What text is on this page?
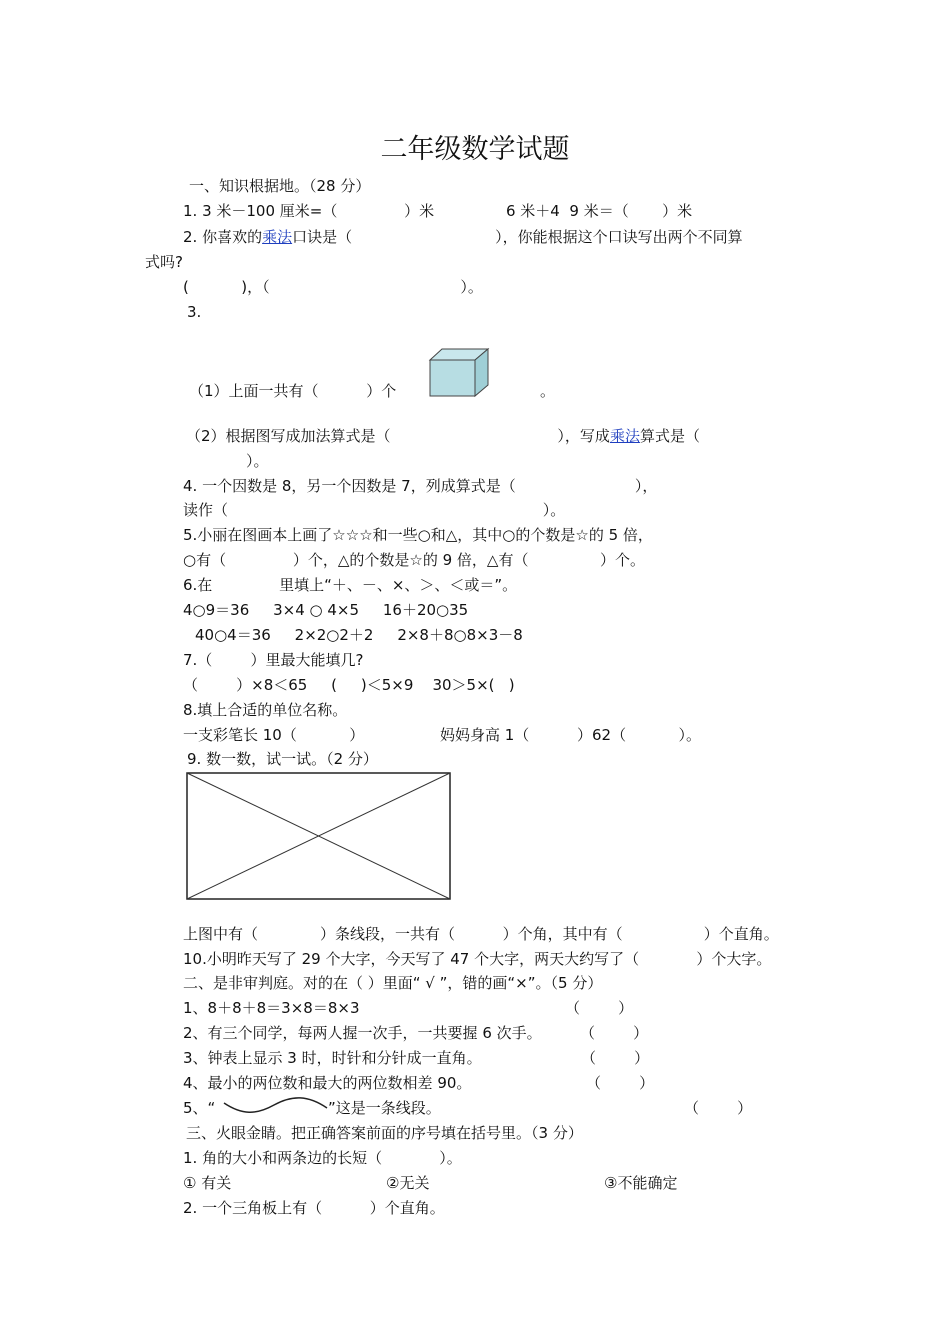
二年级数学试题
一、知识根据地。（28 分）
1. 3 米－100 厘米=（              ）米	6 米＋4  9 米＝（       ）米
2. 你喜欢的乘法口诀是（                              ），你能根据这个口诀写出两个不同算
式吗?
(           )，（                                        ）。
3.
（1）上面一共有（          ）个	。
（2）根据图写成加法算式是（                                   ），写成乘法算式是（
）。
4. 一个因数是 8，另一个因数是 7，列成算式是（                         ），
读作（                                                                  ）。
5.小丽在图画本上画了☆☆☆和一些○和△，其中○的个数是☆的 5 倍，
○有（              ）个，△的个数是☆的 9 倍，△有（               ）个。
6.在              里填上“＋、－、×、＞、＜或＝”。
4○9＝36     3×4 ○ 4×5     16＋20○35
40○4＝36     2×2○2＋2     2×8＋8○8×3－8
7.（        ）里最大能填几?
（        ）×8＜65     (     )＜5×9    30＞5×(   )
8.填上合适的单位名称。
一支彩笔长 10（           ）	妈妈身高 1（          ）62（           ）。
9. 数一数，试一试。（2 分）
上图中有（             ）条线段，一共有（          ）个角，其中有（                 ）个直角。
10.小明昨天写了 29 个大字，今天写了 47 个大字，两天大约写了（            ）个大字。
二、是非审判庭。对的在（ ）里面“ √ ”，错的画“×”。（5 分）
1、8＋8＋8＝3×8＝8×3	（        ）
2、有三个同学，每两人握一次手，一共要握 6 次手。	（        ）
3、钟表上显示 3 时，时针和分针成一直角。	（        ）
4、最小的两位数和最大的两位数相差 90。	（        ）
5、“	”这是一条线段。	（        ）
三、火眼金睛。把正确答案前面的序号填在括号里。（3 分）
1. 角的大小和两条边的长短（            ）。
① 有关	②无关	③不能确定
2. 一个三角板上有（          ）个直角。
